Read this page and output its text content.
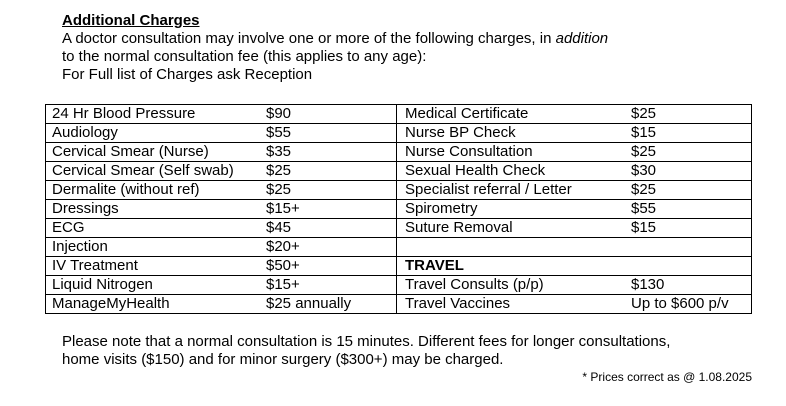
Additional Charges
A doctor consultation may involve one or more of the following charges, in addition
to the normal consultation fee (this applies to any age):
For Full list of Charges ask Reception
24 Hr Blood Pressure	$90	Medical Certificate	$25
Audiology	$55	Nurse BP Check	$15
Cervical Smear (Nurse)	$35	Nurse Consultation	$25
Cervical Smear (Self swab)	$25	Sexual Health Check	$30
Dermalite (without ref)	$25	Specialist referral / Letter	$25
Dressings	$15+	Spirometry	$55
ECG	$45	Suture Removal	$15
Injection	$20+		
IV Treatment	$50+	TRAVEL	
Liquid Nitrogen	$15+	Travel Consults (p/p)	$130
ManageMyHealth	$25 annually	Travel Vaccines	Up to $600 p/v
Please note that a normal consultation is 15 minutes. Different fees for longer consultations,
home visits ($150) and for minor surgery ($300+) may be charged.
* Prices correct as @ 1.08.2025
